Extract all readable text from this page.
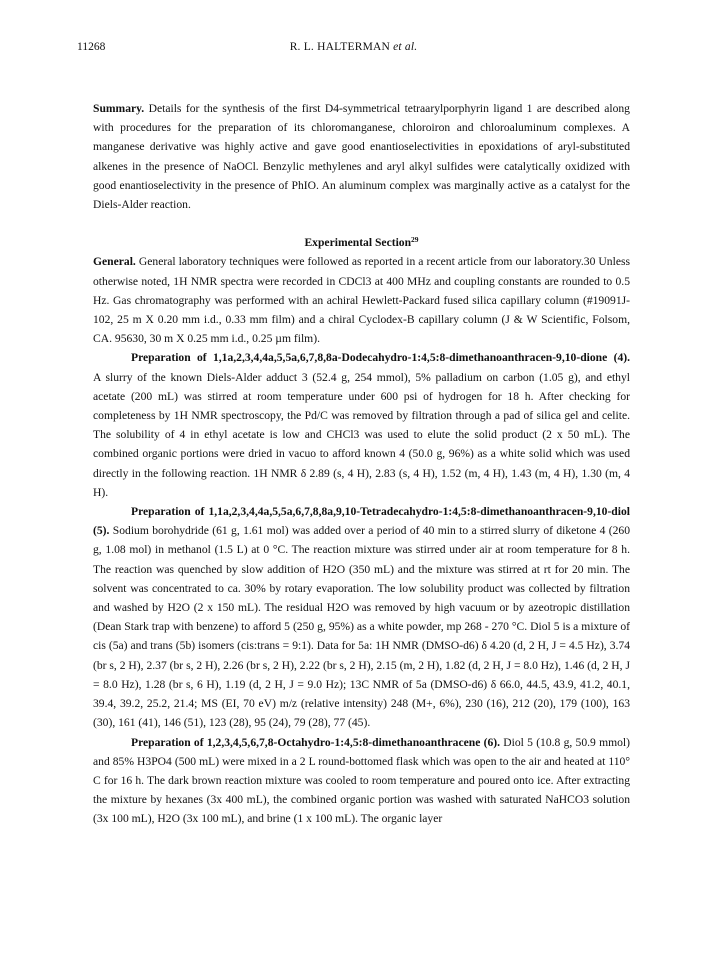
11268	R. L. HALTERMAN et al.

Summary. Details for the synthesis of the first D4-symmetrical tetraarylporphyrin ligand 1 are described along with procedures for the preparation of its chloromanganese, chloroiron and chloroaluminum complexes. A manganese derivative was highly active and gave good enantioselectivities in epoxidations of aryl-substituted alkenes in the presence of NaOCl. Benzylic methylenes and aryl alkyl sulfides were catalytically oxidized with good enantioselectivity in the presence of PhIO. An aluminum complex was marginally active as a catalyst for the Diels-Alder reaction.

Experimental Section$^{29}$

General. General laboratory techniques were followed as reported in a recent article from our laboratory.30 Unless otherwise noted, 1H NMR spectra were recorded in CDCl3 at 400 MHz and coupling constants are rounded to 0.5 Hz. Gas chromatography was performed with an achiral Hewlett-Packard fused silica capillary column (#19091J-102, 25 m X 0.20 mm i.d., 0.33 mm film) and a chiral Cyclodex-B capillary column (J & W Scientific, Folsom, CA. 95630, 30 m X 0.25 mm i.d., 0.25 µm film).

Preparation of 1,1a,2,3,4,4a,5,5a,6,7,8,8a-Dodecahydro-1:4,5:8-dimethanoanthracen-9,10-dione (4). A slurry of the known Diels-Alder adduct 3 (52.4 g, 254 mmol), 5% palladium on carbon (1.05 g), and ethyl acetate (200 mL) was stirred at room temperature under 600 psi of hydrogen for 18 h. After checking for completeness by 1H NMR spectroscopy, the Pd/C was removed by filtration through a pad of silica gel and celite. The solubility of 4 in ethyl acetate is low and CHCl3 was used to elute the solid product (2 x 50 mL). The combined organic portions were dried in vacuo to afford known 4 (50.0 g, 96%) as a white solid which was used directly in the following reaction. 1H NMR δ 2.89 (s, 4 H), 2.83 (s, 4 H), 1.52 (m, 4 H), 1.43 (m, 4 H), 1.30 (m, 4 H).

Preparation of 1,1a,2,3,4,4a,5,5a,6,7,8,8a,9,10-Tetradecahydro-1:4,5:8-dimethanoanthracen-9,10-diol (5). Sodium borohydride (61 g, 1.61 mol) was added over a period of 40 min to a stirred slurry of diketone 4 (260 g, 1.08 mol) in methanol (1.5 L) at 0 °C. The reaction mixture was stirred under air at room temperature for 8 h. The reaction was quenched by slow addition of H2O (350 mL) and the mixture was stirred at rt for 20 min. The solvent was concentrated to ca. 30% by rotary evaporation. The low solubility product was collected by filtration and washed by H2O (2 x 150 mL). The residual H2O was removed by high vacuum or by azeotropic distillation (Dean Stark trap with benzene) to afford 5 (250 g, 95%) as a white powder, mp 268 - 270 °C. Diol 5 is a mixture of cis (5a) and trans (5b) isomers (cis:trans = 9:1). Data for 5a: 1H NMR (DMSO-d6) δ 4.20 (d, 2 H, J = 4.5 Hz), 3.74 (br s, 2 H), 2.37 (br s, 2 H), 2.26 (br s, 2 H), 2.22 (br s, 2 H), 2.15 (m, 2 H), 1.82 (d, 2 H, J = 8.0 Hz), 1.46 (d, 2 H, J = 8.0 Hz), 1.28 (br s, 6 H), 1.19 (d, 2 H, J = 9.0 Hz); 13C NMR of 5a (DMSO-d6) δ 66.0, 44.5, 43.9, 41.2, 40.1, 39.4, 39.2, 25.2, 21.4; MS (EI, 70 eV) m/z (relative intensity) 248 (M+, 6%), 230 (16), 212 (20), 179 (100), 163 (30), 161 (41), 146 (51), 123 (28), 95 (24), 79 (28), 77 (45).

Preparation of 1,2,3,4,5,6,7,8-Octahydro-1:4,5:8-dimethanoanthracene (6). Diol 5 (10.8 g, 50.9 mmol) and 85% H3PO4 (500 mL) were mixed in a 2 L round-bottomed flask which was open to the air and heated at 110° C for 16 h. The dark brown reaction mixture was cooled to room temperature and poured onto ice. After extracting the mixture by hexanes (3x 400 mL), the combined organic portion was washed with saturated NaHCO3 solution (3x 100 mL), H2O (3x 100 mL), and brine (1 x 100 mL). The organic layer
